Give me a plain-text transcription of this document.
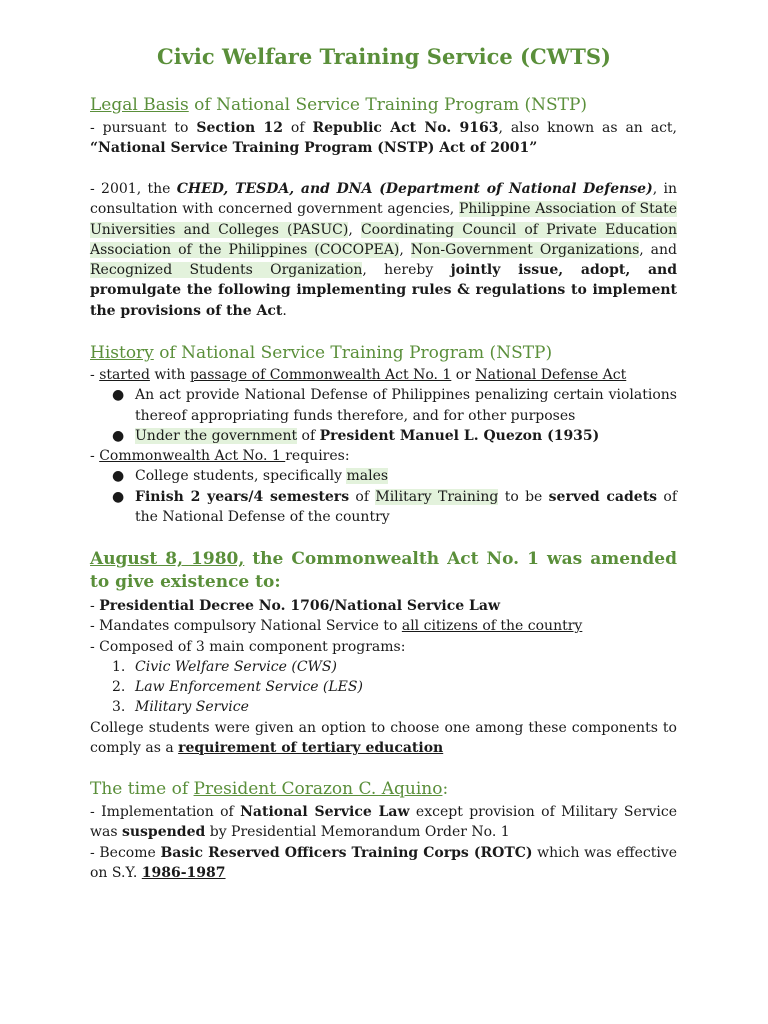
Civic Welfare Training Service (CWTS)
Legal Basis of National Service Training Program (NSTP)
- pursuant to Section 12 of Republic Act No. 9163, also known as an act, “National Service Training Program (NSTP) Act of 2001”
- 2001, the CHED, TESDA, and DNA (Department of National Defense), in consultation with concerned government agencies, Philippine Association of State Universities and Colleges (PASUC), Coordinating Council of Private Education Association of the Philippines (COCOPEA), Non-Government Organizations, and Recognized Students Organization, hereby jointly issue, adopt, and promulgate the following implementing rules & regulations to implement the provisions of the Act.
History of National Service Training Program (NSTP)
- started with passage of Commonwealth Act No. 1 or National Defense Act
● An act provide National Defense of Philippines penalizing certain violations thereof appropriating funds therefore, and for other purposes
● Under the government of President Manuel L. Quezon (1935)
- Commonwealth Act No. 1 requires:
● College students, specifically males
● Finish 2 years/4 semesters of Military Training to be served cadets of the National Defense of the country
August 8, 1980, the Commonwealth Act No. 1 was amended to give existence to:
- Presidential Decree No. 1706/National Service Law
- Mandates compulsory National Service to all citizens of the country
- Composed of 3 main component programs:
1. Civic Welfare Service (CWS)
2. Law Enforcement Service (LES)
3. Military Service
College students were given an option to choose one among these components to comply as a requirement of tertiary education
The time of President Corazon C. Aquino:
- Implementation of National Service Law except provision of Military Service was suspended by Presidential Memorandum Order No. 1
- Become Basic Reserved Officers Training Corps (ROTC) which was effective on S.Y. 1986-1987
